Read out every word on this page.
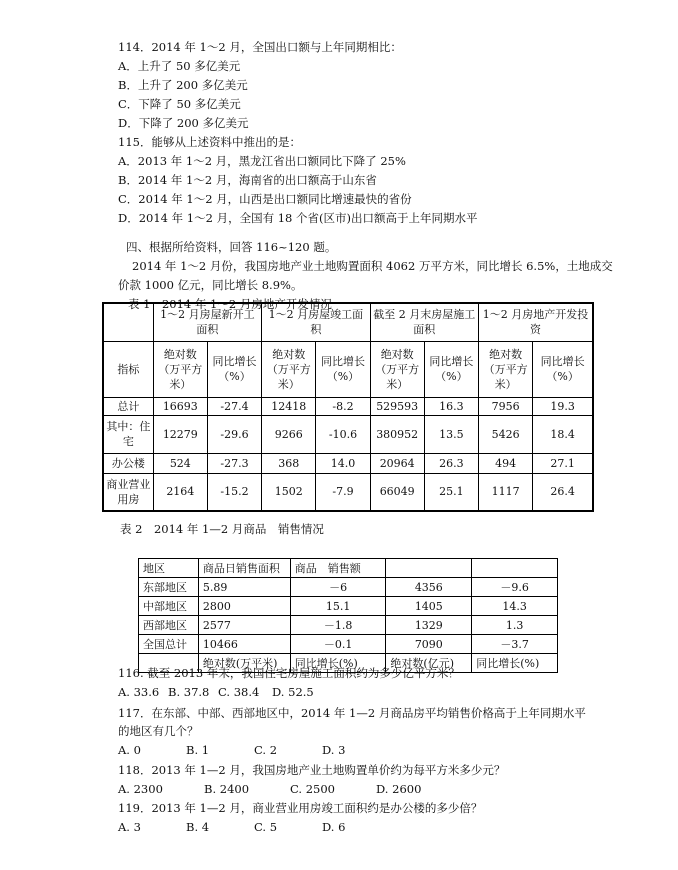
114．2014 年 1～2 月，全国出口额与上年同期相比：
A．上升了 50 多亿美元
B．上升了 200 多亿美元
C．下降了 50 多亿美元
D．下降了 200 多亿美元
115．能够从上述资料中推出的是：
A．2013 年 1～2 月，黑龙江省出口额同比下降了 25%
B．2014 年 1～2 月，海南省的出口额高于山东省
C．2014 年 1～2 月，山西是出口额同比增速最快的省份
D．2014 年 1～2 月，全国有 18 个省(区市)出口额高于上年同期水平
四、根据所给资料，回答 116~120 题。
2014 年 1～2 月份，我国房地产业土地购置面积 4062 万平方米，同比增长 6.5%，土地成交
价款 1000 亿元，同比增长 8.9%。
表 1　2014 年 1～2 月房地产开发情况
	1～2 月房屋新开工面积		1～2 月房屋竣工面积		截至 2 月末房屋施工面积		1～2 月房地产开发投资	
指标	绝对数（万平方米）	同比增长（%）	绝对数（万平方米）	同比增长（%）	绝对数（万平方米）	同比增长（%）	绝对数（万平方米）	同比增长（%）
总计	16693	-27.4	12418	-8.2	529593	16.3	7956	19.3
其中：住宅	12279	-29.6	9266	-10.6	380952	13.5	5426	18.4
办公楼	524	-27.3	368	14.0	20964	26.3	494	27.1
商业营业用房	2164	-15.2	1502	-7.9	66049	25.1	1117	26.4
表 2　2014 年 1—2 月商品　销售情况
地区	商品日销售面积	商品　销售额		
东部地区	5.89	－6	4356	－9.6
中部地区	2800	15.1	1405	14.3
西部地区	2577	－1.8	1329	1.3
全国总计	10466	－0.1	7090	－3.7
	绝对数(万平米)	同比增长(%)	绝对数(亿元)	同比增长(%)
116. 截至 2013 年末，我国住宅房屋施工面积约为多少亿平方米？
A. 33.6 B. 37.8 C. 38.4 D. 52.5
117．在东部、中部、西部地区中，2014 年 1—2 月商品房平均销售价格高于上年同期水平
的地区有几个？
A. 0	B. 1	C. 2	D. 3
118．2013 年 1—2 月，我国房地产业土地购置单价约为每平方米多少元？
A. 2300	B. 2400	C. 2500	D. 2600
119．2013 年 1—2 月，商业营业用房竣工面积约是办公楼的多少倍？
A. 3	B. 4	C. 5	D. 6
